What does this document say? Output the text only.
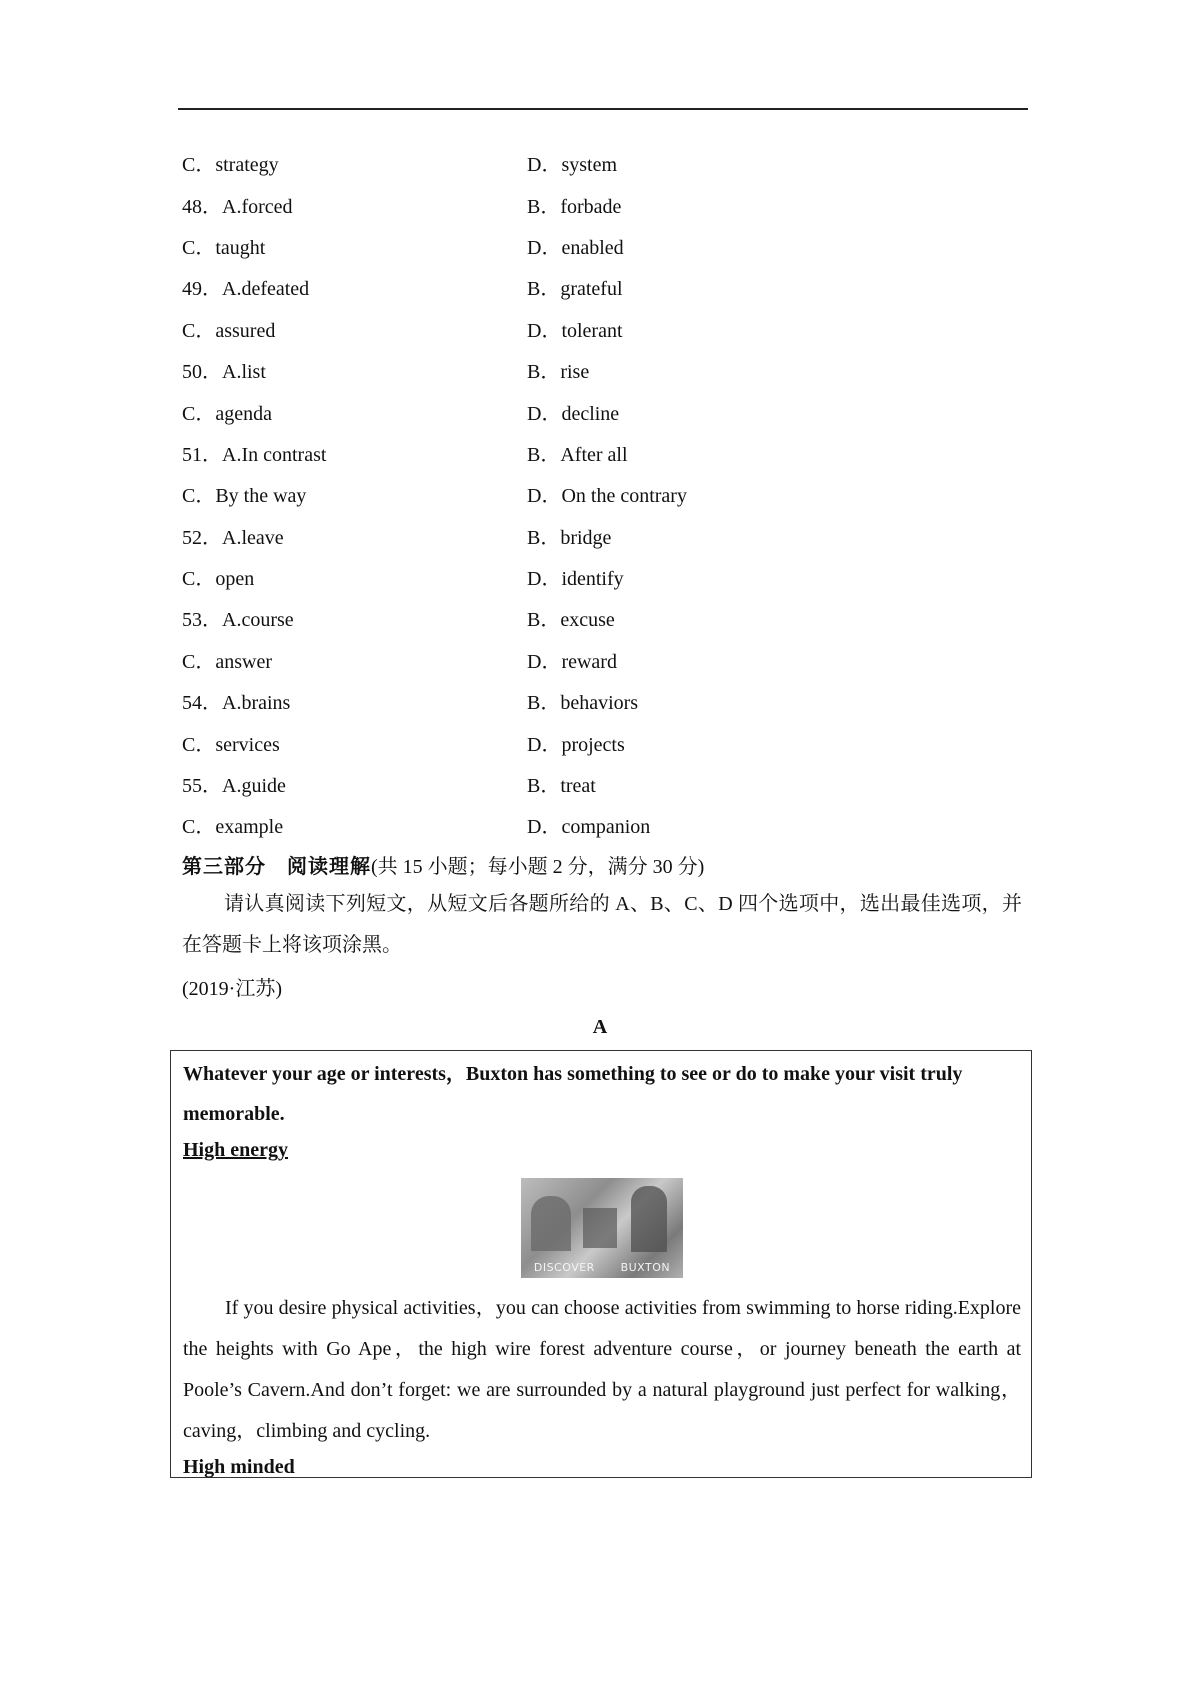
C．strategy	D．system
48．A.forced	B．forbade
C．taught	D．enabled
49．A.defeated	B．grateful
C．assured	D．tolerant
50．A.list	B．rise
C．agenda	D．decline
51．A.In contrast	B．After all
C．By the way	D．On the contrary
52．A.leave	B．bridge
C．open	D．identify
53．A.course	B．excuse
C．answer	D．reward
54．A.brains	B．behaviors
C．services	D．projects
55．A.guide	B．treat
C．example	D．companion
第三部分　阅读理解(共 15 小题；每小题 2 分，满分 30 分)

请认真阅读下列短文，从短文后各题所给的 A、B、C、D 四个选项中，选出最佳选项，并在答题卡上将该项涂黑。

(2019·江苏)
A
Whatever your age or interests，Buxton has something to see or do to make your visit truly memorable.
High energy
DISCOVER BUXTON
If you desire physical activities，you can choose activities from swimming to horse riding.Explore the heights with Go Ape，the high wire forest adventure course，or journey beneath the earth at Poole’s Cavern.And don’t forget: we are surrounded by a natural playground just perfect for walking，caving，climbing and cycling.
High minded
